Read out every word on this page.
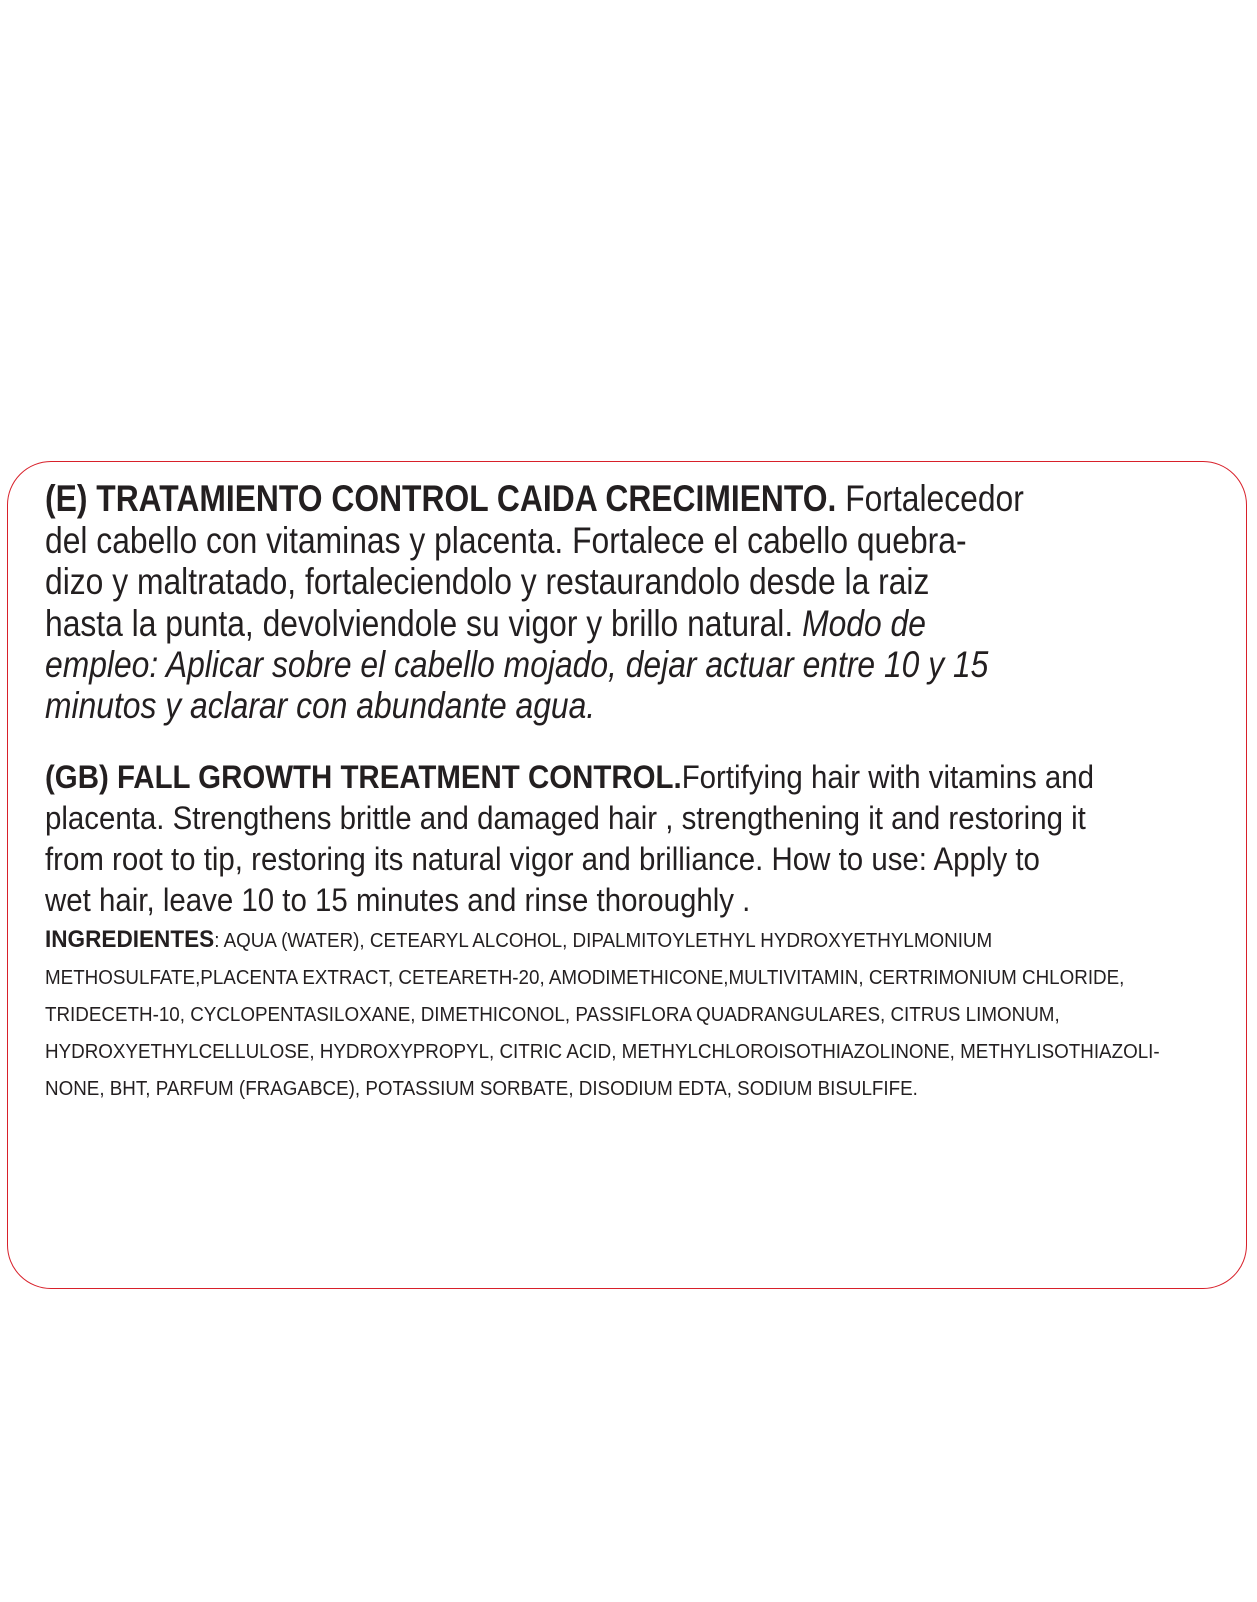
(E) TRATAMIENTO CONTROL CAIDA CRECIMIENTO. Fortalecedor
del cabello con vitaminas y placenta. Fortalece el cabello quebra-
dizo y maltratado, fortaleciendolo y restaurandolo desde la raiz
hasta la punta, devolviendole su vigor y brillo natural. Modo de
empleo: Aplicar sobre el cabello mojado, dejar actuar entre 10 y 15
minutos y aclarar con abundante agua.
(GB) FALL GROWTH TREATMENT CONTROL.Fortifying hair with vitamins and
placenta. Strengthens brittle and damaged hair , strengthening it and restoring it
from root to tip, restoring its natural vigor and brilliance. How to use: Apply to
wet hair, leave 10 to 15 minutes and rinse thoroughly .
INGREDIENTES: AQUA (WATER), CETEARYL ALCOHOL, DIPALMITOYLETHYL HYDROXYETHYLMONIUM
METHOSULFATE,PLACENTA EXTRACT, CETEARETH-20, AMODIMETHICONE,MULTIVITAMIN, CERTRIMONIUM CHLORIDE,
TRIDECETH-10, CYCLOPENTASILOXANE, DIMETHICONOL, PASSIFLORA QUADRANGULARES, CITRUS LIMONUM,
HYDROXYETHYLCELLULOSE, HYDROXYPROPYL, CITRIC ACID, METHYLCHLOROISOTHIAZOLINONE, METHYLISOTHIAZOLI-
NONE, BHT, PARFUM (FRAGABCE), POTASSIUM SORBATE, DISODIUM EDTA, SODIUM BISULFIFE.
